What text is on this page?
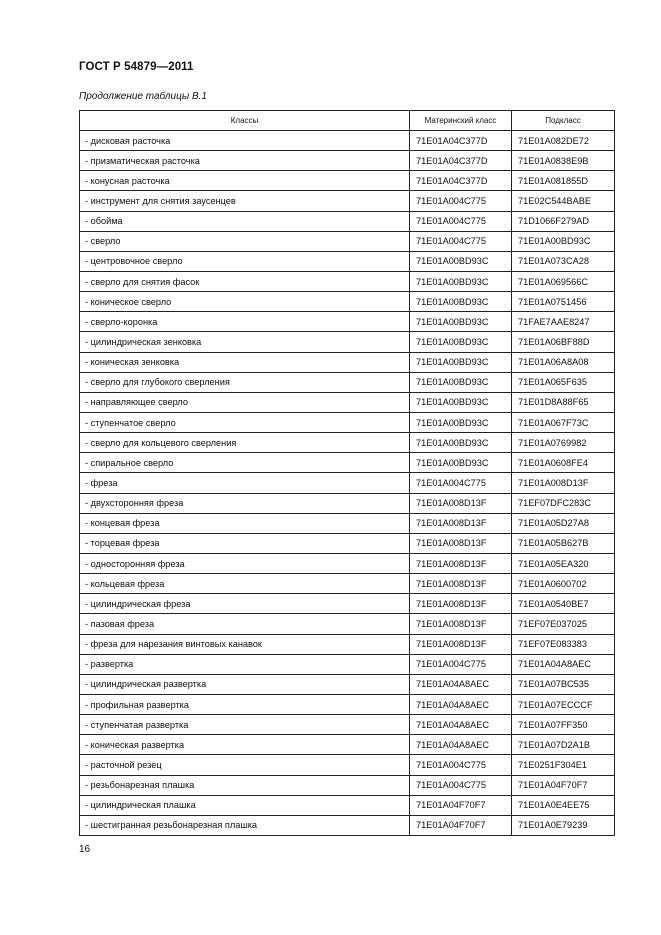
ГОСТ Р 54879—2011
Продолжение таблицы В.1
Классы	Материнский класс	Подкласс
- дисковая расточка	71E01A04C377D	71E01A082DE72
- призматическая расточка	71E01A04C377D	71E01A0838E9B
- конусная расточка	71E01A04C377D	71E01A081855D
- инструмент для снятия заусенцев	71E01A004C775	71E02C544BABE
- обойма	71E01A004C775	71D1066F279AD
- сверло	71E01A004C775	71E01A00BD93C
- центровочное сверло	71E01A00BD93C	71E01A073CA28
- сверло для снятия фасок	71E01A00BD93C	71E01A069566C
- коническое сверло	71E01A00BD93C	71E01A0751456
- сверло-коронка	71E01A00BD93C	71FAE7AAE8247
- цилиндрическая зенковка	71E01A00BD93C	71E01A06BF88D
- коническая зенковка	71E01A00BD93C	71E01A06A8A08
- сверло для глубокого сверления	71E01A00BD93C	71E01A065F635
- направляющее сверло	71E01A00BD93C	71E01D8A88F65
- ступенчатое сверло	71E01A00BD93C	71E01A067F73C
- сверло для кольцевого сверления	71E01A00BD93C	71E01A0769982
- спиральное сверло	71E01A00BD93C	71E01A0608FE4
- фреза	71E01A004C775	71E01A008D13F
- двухсторонняя фреза	71E01A008D13F	71EF07DFC283C
- концевая фреза	71E01A008D13F	71E01A05D27A8
- торцевая фреза	71E01A008D13F	71E01A05B627B
- односторонняя фреза	71E01A008D13F	71E01A05EA320
- кольцевая фреза	71E01A008D13F	71E01A0600702
- цилиндрическая фреза	71E01A008D13F	71E01A0540BE7
- пазовая фреза	71E01A008D13F	71EF07E037025
- фреза для нарезания винтовых канавок	71E01A008D13F	71EF07E083383
- развертка	71E01A004C775	71E01A04A8AEC
- цилиндрическая развертка	71E01A04A8AEC	71E01A07BC535
- профильная развертка	71E01A04A8AEC	71E01A07ECCCF
- ступенчатая развертка	71E01A04A8AEC	71E01A07FF350
- коническая развертка	71E01A04A8AEC	71E01A07D2A1B
- расточной резец	71E01A004C775	71E0251F304E1
- резьбонарезная плашка	71E01A004C775	71E01A04F70F7
- цилиндрическая плашка	71E01A04F70F7	71E01A0E4EE75
- шестигранная резьбонарезная плашка	71E01A04F70F7	71E01A0E79239
16
